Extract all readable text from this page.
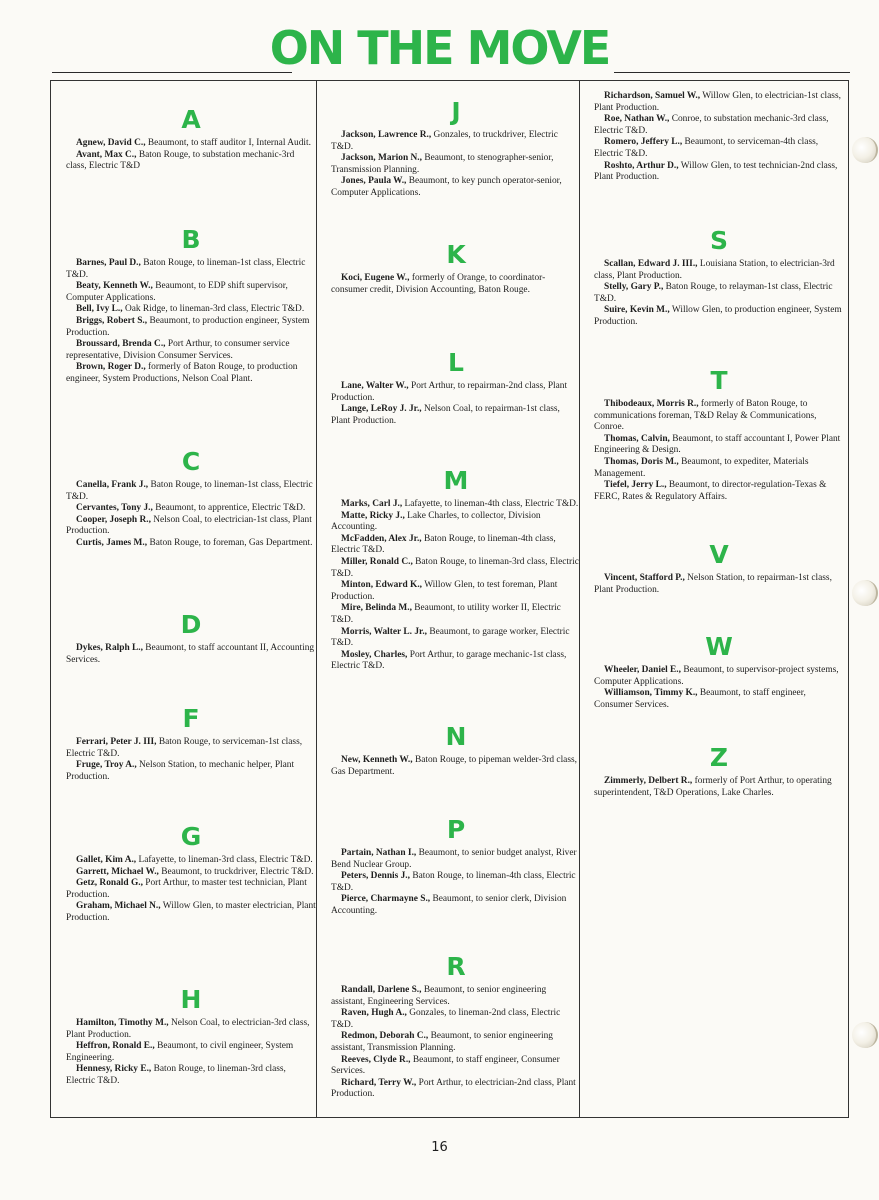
ON THE MOVE
A

Agnew, David C., Beaumont, to staff auditor I, Internal Audit.

Avant, Max C., Baton Rouge, to substation mechanic-3rd class, Electric T&D

B

Barnes, Paul D., Baton Rouge, to lineman-1st class, Electric T&D.

Beaty, Kenneth W., Beaumont, to EDP shift supervisor, Computer Applications.

Bell, Ivy L., Oak Ridge, to lineman-3rd class, Electric T&D.

Briggs, Robert S., Beaumont, to production engineer, System Production.

Broussard, Brenda C., Port Arthur, to consumer service representative, Division Consumer Services.

Brown, Roger D., formerly of Baton Rouge, to production engineer, System Productions, Nelson Coal Plant.

C

Canella, Frank J., Baton Rouge, to lineman-1st class, Electric T&D.

Cervantes, Tony J., Beaumont, to apprentice, Electric T&D.

Cooper, Joseph R., Nelson Coal, to electrician-1st class, Plant Production.

Curtis, James M., Baton Rouge, to foreman, Gas Department.

D

Dykes, Ralph L., Beaumont, to staff accountant II, Accounting Services.

F

Ferrari, Peter J. III, Baton Rouge, to serviceman-1st class, Electric T&D.

Fruge, Troy A., Nelson Station, to mechanic helper, Plant Production.

G

Gallet, Kim A., Lafayette, to lineman-3rd class, Electric T&D.

Garrett, Michael W., Beaumont, to truckdriver, Electric T&D.

Getz, Ronald G., Port Arthur, to master test technician, Plant Production.

Graham, Michael N., Willow Glen, to master electrician, Plant Production.

H

Hamilton, Timothy M., Nelson Coal, to electrician-3rd class, Plant Production.

Heffron, Ronald E., Beaumont, to civil engineer, System Engineering.

Hennesy, Ricky E., Baton Rouge, to lineman-3rd class, Electric T&D.

J

Jackson, Lawrence R., Gonzales, to truckdriver, Electric T&D.

Jackson, Marion N., Beaumont, to stenographer-senior, Transmission Planning.

Jones, Paula W., Beaumont, to key punch operator-senior, Computer Applications.

K

Koci, Eugene W., formerly of Orange, to coordinator-consumer credit, Division Accounting, Baton Rouge.

L

Lane, Walter W., Port Arthur, to repairman-2nd class, Plant Production.

Lange, LeRoy J. Jr., Nelson Coal, to repairman-1st class, Plant Production.

M

Marks, Carl J., Lafayette, to lineman-4th class, Electric T&D.

Matte, Ricky J., Lake Charles, to collector, Division Accounting.

McFadden, Alex Jr., Baton Rouge, to lineman-4th class, Electric T&D.

Miller, Ronald C., Baton Rouge, to lineman-3rd class, Electric T&D.

Minton, Edward K., Willow Glen, to test foreman, Plant Production.

Mire, Belinda M., Beaumont, to utility worker II, Electric T&D.

Morris, Walter L. Jr., Beaumont, to garage worker, Electric T&D.

Mosley, Charles, Port Arthur, to garage mechanic-1st class, Electric T&D.

N

New, Kenneth W., Baton Rouge, to pipeman welder-3rd class, Gas Department.

P

Partain, Nathan I., Beaumont, to senior budget analyst, River Bend Nuclear Group.

Peters, Dennis J., Baton Rouge, to lineman-4th class, Electric T&D.

Pierce, Charmayne S., Beaumont, to senior clerk, Division Accounting.

R

Randall, Darlene S., Beaumont, to senior engineering assistant, Engineering Services.

Raven, Hugh A., Gonzales, to lineman-2nd class, Electric T&D.

Redmon, Deborah C., Beaumont, to senior engineering assistant, Transmission Planning.

Reeves, Clyde R., Beaumont, to staff engineer, Consumer Services.

Richard, Terry W., Port Arthur, to electrician-2nd class, Plant Production.

Richardson, Samuel W., Willow Glen, to electrician-1st class, Plant Production.

Roe, Nathan W., Conroe, to substation mechanic-3rd class, Electric T&D.

Romero, Jeffery L., Beaumont, to serviceman-4th class, Electric T&D.

Roshto, Arthur D., Willow Glen, to test technician-2nd class, Plant Production.

S

Scallan, Edward J. III., Louisiana Station, to electrician-3rd class, Plant Production.

Stelly, Gary P., Baton Rouge, to relayman-1st class, Electric T&D.

Suire, Kevin M., Willow Glen, to production engineer, System Production.

T

Thibodeaux, Morris R., formerly of Baton Rouge, to communications foreman, T&D Relay & Communications, Conroe.

Thomas, Calvin, Beaumont, to staff accountant I, Power Plant Engineering & Design.

Thomas, Doris M., Beaumont, to expediter, Materials Management.

Tiefel, Jerry L., Beaumont, to director-regulation-Texas & FERC, Rates & Regulatory Affairs.

V

Vincent, Stafford P., Nelson Station, to repairman-1st class, Plant Production.

W

Wheeler, Daniel E., Beaumont, to supervisor-project systems, Computer Applications.

Williamson, Timmy K., Beaumont, to staff engineer, Consumer Services.

Z

Zimmerly, Delbert R., formerly of Port Arthur, to operating superintendent, T&D Operations, Lake Charles.

16
